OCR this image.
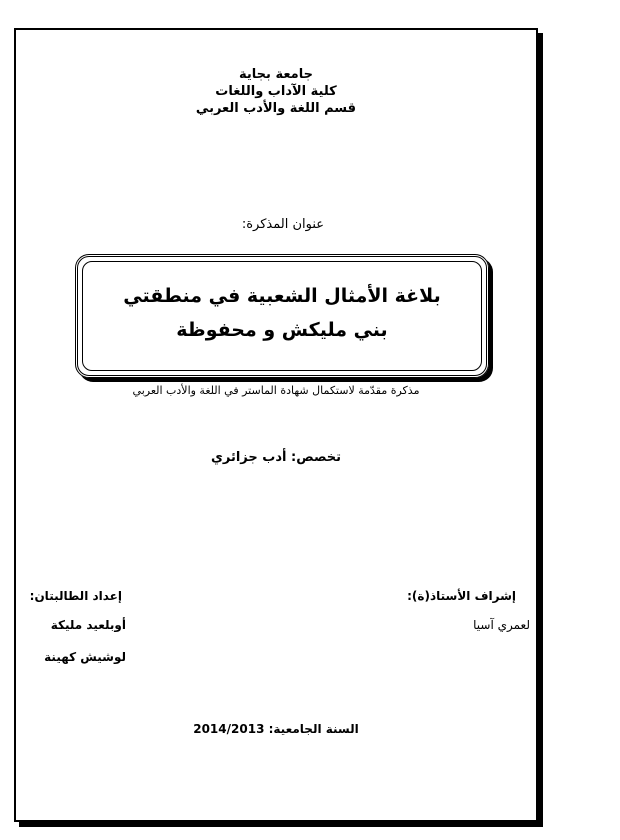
جامعة بجاية
كلية الآداب واللغات
قسم اللغة والأدب العربي
عنوان المذكرة:
بلاغة الأمثال الشعبية في منطقتي
بني مليكش و محفوظة
مذكرة مقدّمة لاستكمال شهادة الماستر في اللغة والأدب العربي
تخصص: أدب جزائري
إشراف الأستاذ(ة):
لعمري آسيا
إعداد الطالبتان:
أوبلعيد مليكة
لوشيش كهينة
السنة الجامعية: 2014/2013
